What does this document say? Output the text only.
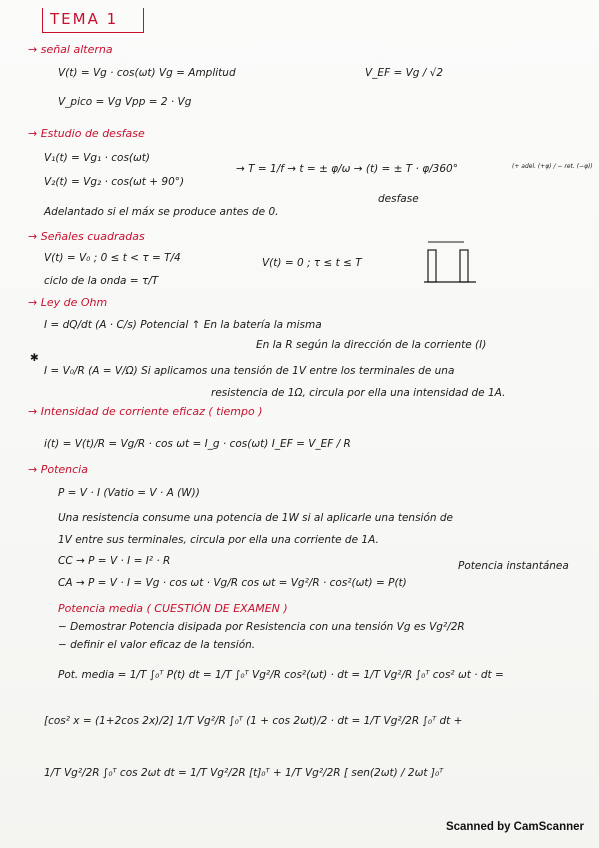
TEMA 1
→ señal alterna
V(t) = Vg · cos(ωt) Vg = Amplitud	V_EF = Vg / √2
V_pico = Vg Vpp = 2 · Vg
→ Estudio de desfase
V₁(t) = Vg₁ · cos(ωt)
V₂(t) = Vg₂ · cos(ωt + 90°)
→ T = 1/f → t = ± φ/ω → (t) = ± T · φ/360°
desfase
(+ adel. (+φ) / − ret. (−φ))
Adelantado si el máx se produce antes de 0.
→ Señales cuadradas
V(t) = V₀ ; 0 ≤ t < τ = T/4	V(t) = 0 ; τ ≤ t ≤ T
ciclo de la onda = τ/T
→ Ley de Ohm
I = dQ/dt (A · C/s) Potencial ↑ En la batería la misma
En la R según la dirección de la corriente (I)
✱
I = V₀/R (A = V/Ω) Si aplicamos una tensión de 1V entre los terminales de una
resistencia de 1Ω, circula por ella una intensidad de 1A.
→ Intensidad de corriente eficaz ( tiempo )
i(t) = V(t)/R = Vg/R · cos ωt = I_g · cos(ωt) I_EF = V_EF / R
→ Potencia
P = V · I (Vatio = V · A (W))
Una resistencia consume una potencia de 1W si al aplicarle una tensión de
1V entre sus terminales, circula por ella una corriente de 1A.
CC → P = V · I = I² · R	Potencia instantánea
CA → P = V · I = Vg · cos ωt · Vg/R cos ωt = Vg²/R · cos²(ωt) = P(t)
Potencia media ( CUESTIÓN DE EXAMEN )
− Demostrar Potencia disipada por Resistencia con una tensión Vg es Vg²/2R
− definir el valor eficaz de la tensión.
Pot. media = 1/T ∫₀ᵀ P(t) dt = 1/T ∫₀ᵀ Vg²/R cos²(ωt) · dt = 1/T Vg²/R ∫₀ᵀ cos² ωt · dt =
[cos² x = (1+2cos 2x)/2] 1/T Vg²/R ∫₀ᵀ (1 + cos 2ωt)/2 · dt = 1/T Vg²/2R ∫₀ᵀ dt +
1/T Vg²/2R ∫₀ᵀ cos 2ωt dt = 1/T Vg²/2R [t]₀ᵀ + 1/T Vg²/2R [ sen(2ωt) / 2ωt ]₀ᵀ
Scanned by CamScanner
